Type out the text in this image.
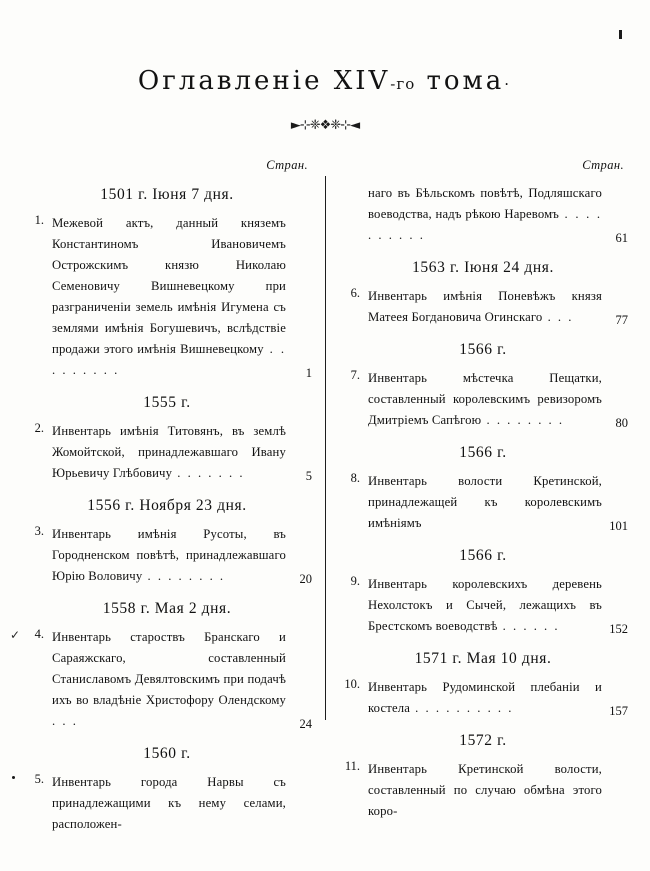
Оглавленіе XIV-го тома·
►⊹❈❖❈⊹◄
Стран.
1501 г. Іюня 7 дня.
1. Межевой актъ, данный княземъ Константиномъ Ивановичемъ Острожскимъ князю Николаю Семеновичу Вишневецкому при разграниченіи земель имѣнія Игумена съ землями имѣнія Богушевичъ, вслѣдствіе продажи этого имѣнія Вишневецкому . . . . . . . . .	1
1555 г.
2. Инвентарь имѣнія Титовянъ, въ землѣ Жомойтской, принадлежавшаго Ивану Юрьевичу Глѣбовичу . . . . . . .	5
1556 г. Ноября 23 дня.
3. Инвентарь имѣнія Русоты, въ Городненском повѣтѣ, принадлежавшаго Юрію Воловичу . . . . . . . .	20
1558 г. Мая 2 дня.
✓	4. Инвентарь староствъ Бранскаго и Сараяжскаго, составленный Станиславомъ Девялтовскимъ при подачѣ ихъ во владѣніе Христофору Олендскому . . .	24
1560 г.
5. Инвентарь города Нарвы съ принадлежащими къ нему селами, расположен-
Стран.
наго въ Бѣльскомъ повѣтѣ, Подляшскаго воеводства, надъ рѣкою Наревомъ . . . . . . . . . .	61
1563 г. Іюня 24 дня.
6. Инвентарь имѣнія Поневѣжъ князя Матеея Богдановича Огинскаго . . .	77
1566 г.
7. Инвентарь мѣстечка Пещатки, составленный королевскимъ ревизоромъ Дмитріемъ Сапѣгою . . . . . . . .	80
1566 г.
8. Инвентарь волости Кретинской, принадлежащей къ королевскимъ имѣніямъ	101
1566 г.
9. Инвентарь королевскихъ деревень Нехолстокъ и Сычей, лежащихъ въ Брестскомъ воеводствѣ . . . . . .	152
1571 г. Мая 10 дня.
10. Инвентарь Рудоминской плебаніи и костела . . . . . . . . . .	157
1572 г.
11. Инвентарь Кретинской волости, составленный по случаю обмѣна этого коро-
